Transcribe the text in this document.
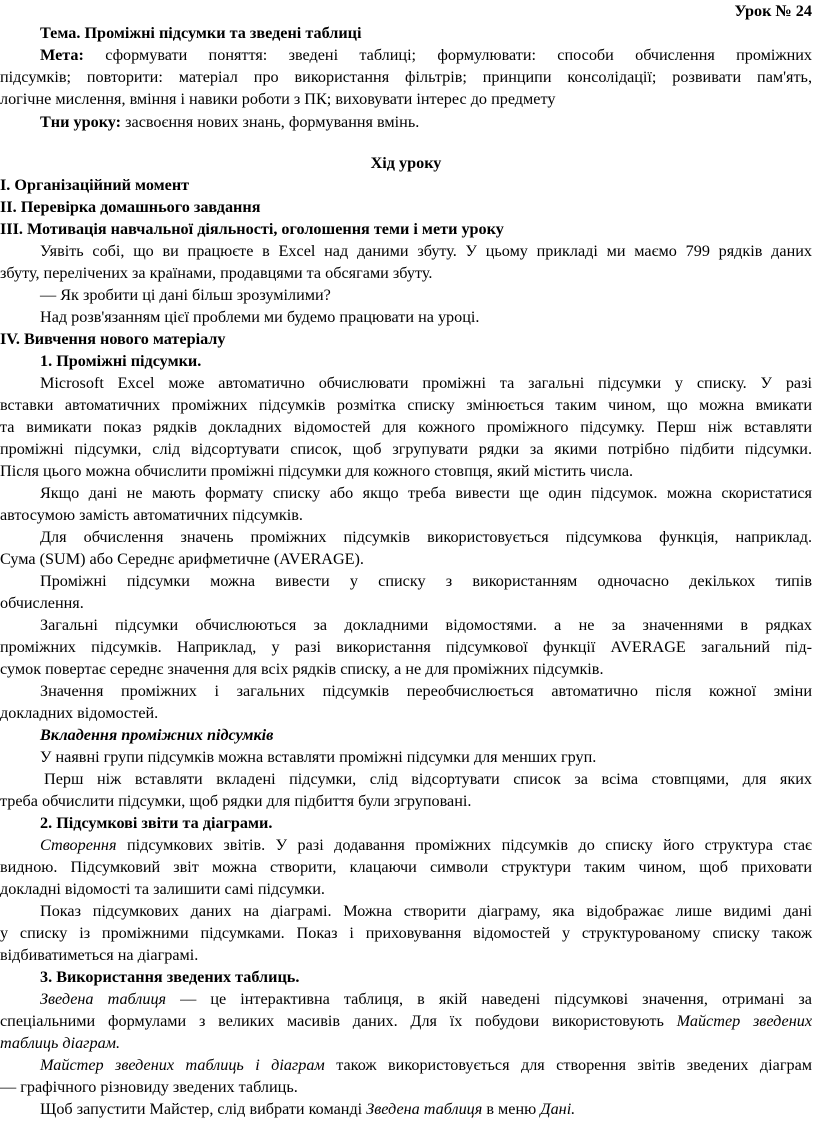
Урок № 24
Тема. Проміжні підсумки та зведені таблиці
Мета: сформувати поняття: зведені таблиці; формулювати: способи обчислення проміжних
підсумків; повторити: матеріал про використання фільтрів; принципи консолідації; розвивати пам'ять,
логічне мислення, вміння і навики роботи з ПК; виховувати інтерес до предмету
Тни уроку: засвоєння нових знань, формування вмінь.
Хід уроку
І. Організаційний момент
ІІ. Перевірка домашнього завдання
ІІІ. Мотивація навчальної діяльності, оголошення теми і мети уроку
Уявіть собі, що ви працюєте в Excel над даними збуту. У цьому прикладі ми маємо 799 рядків даних
збуту, перелічених за країнами, продавцями та обсягами збуту.
— Як зробити ці дані більш зрозумілими?
Над розв'язанням цієї проблеми ми будемо працювати на уроці.
IV. Вивчення нового матеріалу
1. Проміжні підсумки.
Microsoft Excel може автоматично обчислювати проміжні та загальні підсумки у списку. У разі
вставки автоматичних проміжних підсумків розмітка списку змінюється таким чином, що можна вмикати
та вимикати показ рядків докладних відомостей для кожного проміжного підсумку. Перш ніж вставляти
проміжні підсумки, слід відсортувати список, щоб згрупувати рядки за якими потрібно підбити підсумки.
Після цього можна обчислити проміжні підсумки для кожного стовпця, який містить числа.
Якщо дані не мають формату списку або якщо треба вивести ще один підсумок. можна скористатися
автосумою замість автоматичних підсумків.
Для обчислення значень проміжних підсумків використовується підсумкова функція, наприклад.
Сума (SUM) або Середнє арифметичне (AVERAGE).
Проміжні підсумки можна вивести у списку з використанням одночасно декількох типів
обчислення.
Загальні підсумки обчислюються за докладними відомостями. а не за значеннями в рядках
проміжних підсумків. Наприклад, у разі використання підсумкової функції AVERAGE загальний під-
сумок повертає середнє значення для всіх рядків списку, а не для проміжних підсумків.
Значення проміжних і загальних підсумків переобчислюється автоматично після кожної зміни
докладних відомостей.
Вкладення проміжних підсумків
У наявні групи підсумків можна вставляти проміжні підсумки для менших груп.
Перш ніж вставляти вкладені підсумки, слід відсортувати список за всіма стовпцями, для яких
треба обчислити підсумки, щоб рядки для підбиття були згруповані.
2. Підсумкові звіти та діаграми.
Створення підсумкових звітів. У разі додавання проміжних підсумків до списку його структура стає
видною. Підсумковий звіт можна створити, клацаючи символи структури таким чином, щоб приховати
докладні відомості та залишити самі підсумки.
Показ підсумкових даних на діаграмі. Можна створити діаграму, яка відображає лише видимі дані
у списку із проміжними підсумками. Показ і приховування відомостей у структурованому списку також
відбиватиметься на діаграмі.
3. Використання зведених таблиць.
Зведена таблиця — це інтерактивна таблиця, в якій наведені підсумкові значення, отримані за
спеціальними формулами з великих масивів даних. Для їх побудови використовують Майстер зведених
таблиць діаграм.
Майстер зведених таблиць і діаграм також використовується для створення звітів зведених діаграм
— графічного різновиду зведених таблиць.
Щоб запустити Майстер, слід вибрати команді Зведена таблиця в меню Дані.
